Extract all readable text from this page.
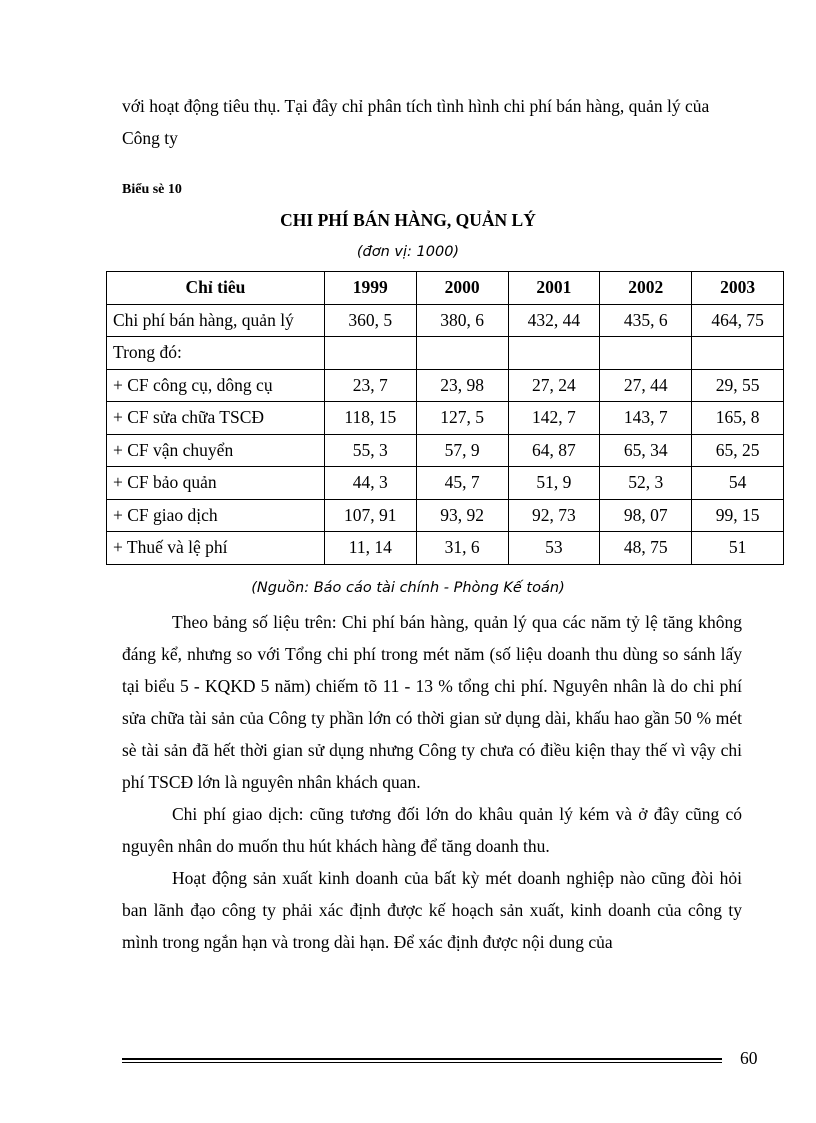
với hoạt động tiêu thụ. Tại đây chỉ phân tích tình hình chi phí bán hàng, quản lý của Công ty

Biểu sè 10
CHI PHÍ BÁN HÀNG, QUẢN LÝ
(đơn vị: 1000)
Chỉ tiêu	1999	2000	2001	2002	2003
Chi phí bán hàng, quản lý	360, 5	380, 6	432, 44	435, 6	464, 75
Trong đó:					
+ CF công cụ, dông cụ	23, 7	23, 98	27, 24	27, 44	29, 55
+ CF sửa chữa TSCĐ	118, 15	127, 5	142, 7	143, 7	165, 8
+ CF vận chuyển	55, 3	57, 9	64, 87	65, 34	65, 25
+ CF bảo quản	44, 3	45, 7	51, 9	52, 3	54
+ CF giao dịch	107, 91	93, 92	92, 73	98, 07	99, 15
+ Thuế và lệ phí	11, 14	31, 6	53	48, 75	51
(Nguồn: Báo cáo tài chính - Phòng Kế toán)

Theo bảng số liệu trên: Chi phí bán hàng, quản lý qua các năm tỷ lệ tăng không đáng kể, nhưng so với Tổng chi phí trong mét năm (số liệu doanh thu dùng so sánh lấy tại biểu 5 - KQKD 5 năm) chiếm tõ 11 - 13 % tổng chi phí. Nguyên nhân là do chi phí sửa chữa tài sản của Công ty phần lớn có thời gian sử dụng dài, khấu hao gần 50 % mét sè tài sản đã hết thời gian sử dụng nhưng Công ty chưa có điều kiện thay thế vì vậy chi phí TSCĐ lớn là nguyên nhân khách quan.

Chi phí giao dịch: cũng tương đối lớn do khâu quản lý kém và ở đây cũng có nguyên nhân do muốn thu hút khách hàng để tăng doanh thu.

Hoạt động sản xuất kinh doanh của bất kỳ mét doanh nghiệp nào cũng đòi hỏi ban lãnh đạo công ty phải xác định được kế hoạch sản xuất, kinh doanh của công ty mình trong ngắn hạn và trong dài hạn. Để xác định được nội dung của

60
